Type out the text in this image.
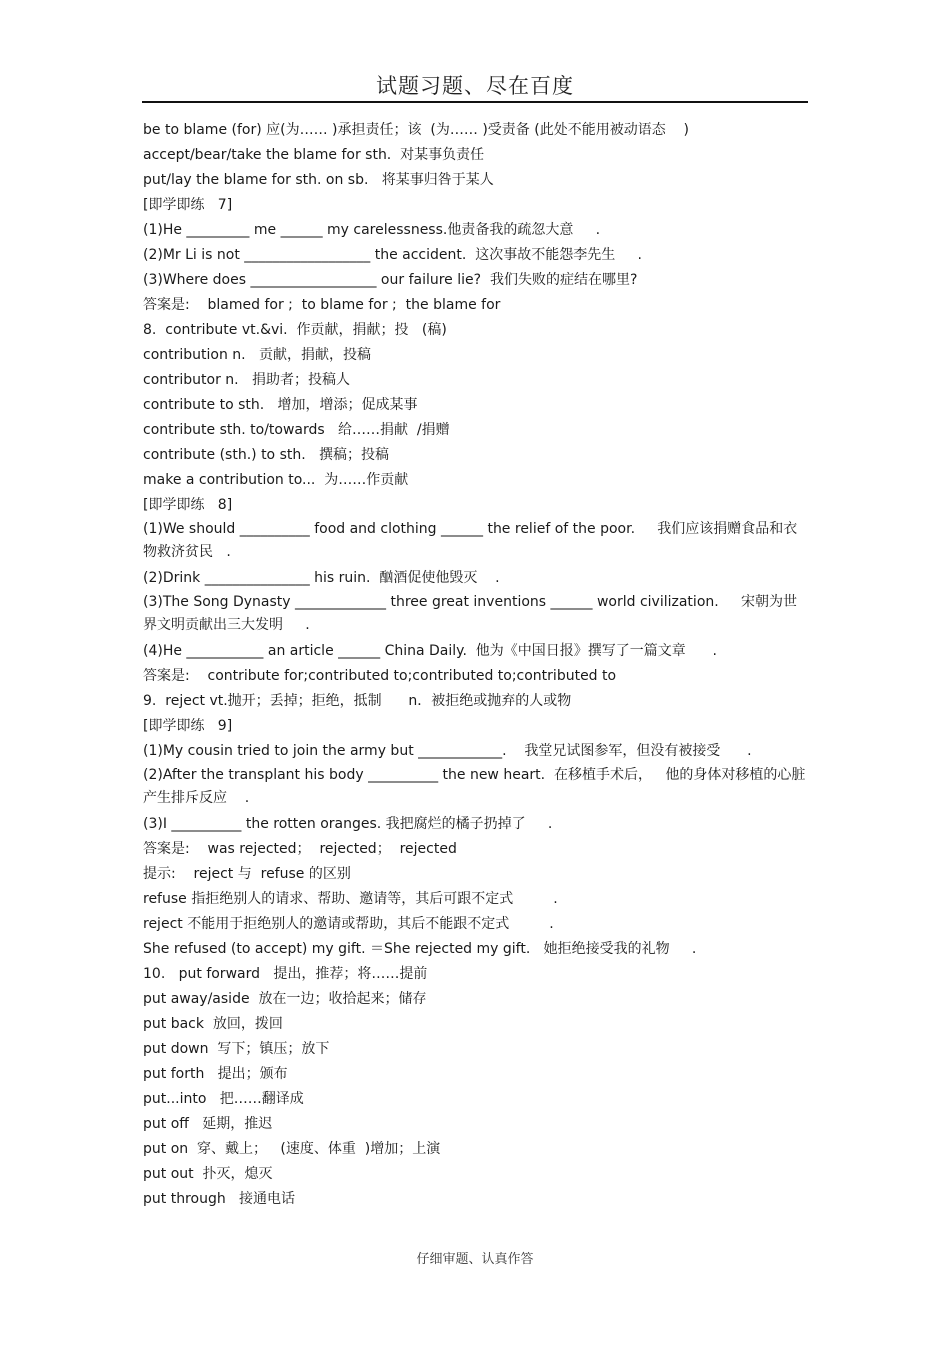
试题习题、尽在百度
be to blame (for) 应(为…… )承担责任；该  (为…… )受责备 (此处不能用被动语态    )
accept/bear/take the blame for sth.  对某事负责任
put/lay the blame for sth. on sb.   将某事归咎于某人
[即学即练   7]
(1)He _________ me ______ my carelessness.他责备我的疏忽大意     .
(2)Mr Li is not __________________ the accident.  这次事故不能怨李先生     .
(3)Where does __________________ our failure lie?  我们失败的症结在哪里?
答案是:    blamed for ;  to blame for ;  the blame for
8.  contribute vt.&vi.  作贡献，捐献；投   (稿)
contribution n.   贡献，捐献，投稿
contributor n.   捐助者；投稿人
contribute to sth.   增加，增添；促成某事
contribute sth. to/towards   给……捐献  /捐赠
contribute (sth.) to sth.   撰稿；投稿
make a contribution to...  为……作贡献
[即学即练   8]
(1)We should __________ food and clothing ______ the relief of the poor.     我们应该捐赠食品和衣物救济贫民   .
(2)Drink _______________ his ruin.  酗酒促使他毁灭    .
(3)The Song Dynasty _____________ three great inventions ______ world civilization.     宋朝为世界文明贡献出三大发明     .
(4)He ___________ an article ______ China Daily.  他为《中国日报》撰写了一篇文章      .
答案是:    contribute for;contributed to;contributed to;contributed to
9.  reject vt.抛开；丢掉；拒绝，抵制      n．被拒绝或抛弃的人或物
[即学即练   9]
(1)My cousin tried to join the army but ____________.    我堂兄试图参军，但没有被接受      .
(2)After the transplant his body __________ the new heart.  在移植手术后，   他的身体对移植的心脏产生排斥反应    .
(3)I __________ the rotten oranges. 我把腐烂的橘子扔掉了     .
答案是:    was rejected；  rejected；  rejected
提示:    reject 与  refuse 的区别
refuse 指拒绝别人的请求、帮助、邀请等，其后可跟不定式         .
reject 不能用于拒绝别人的邀请或帮助，其后不能跟不定式         .
She refused (to accept) my gift. ＝She rejected my gift.   她拒绝接受我的礼物     .
10.   put forward   提出，推荐；将……提前
put away/aside  放在一边；收拾起来；储存
put back  放回，拨回
put down  写下；镇压；放下
put forth   提出；颁布
put...into   把……翻译成
put off   延期，推迟
put on  穿、戴上；   (速度、体重  )增加；上演
put out  扑灭，熄灭
put through   接通电话
仔细审题、认真作答
